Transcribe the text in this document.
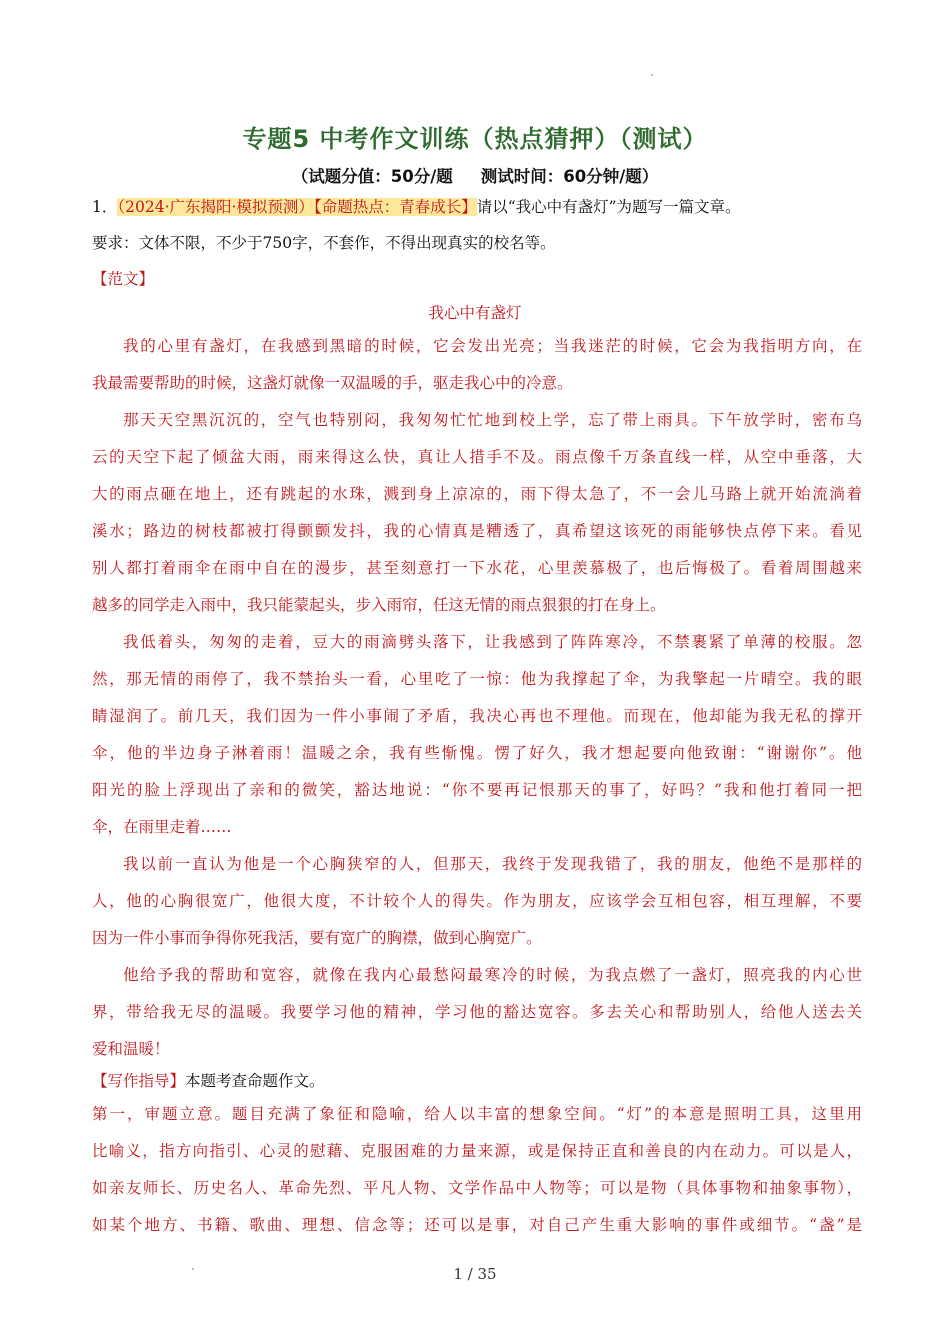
专题5 中考作文训练（热点猜押）（测试）
（试题分值：50分/题 测试时间：60分钟/题）
1．（2024·广东揭阳·模拟预测）【命题热点：青春成长】请以“我心中有盏灯”为题写一篇文章。
要求：文体不限，不少于750字，不套作，不得出现真实的校名等。
【范文】
我心中有盏灯
我的心里有盏灯，在我感到黑暗的时候，它会发出光亮；当我迷茫的时候，它会为我指明方向，在
我最需要帮助的时候，这盏灯就像一双温暖的手，驱走我心中的冷意。
那天天空黑沉沉的，空气也特别闷，我匆匆忙忙地到校上学，忘了带上雨具。下午放学时，密布乌
云的天空下起了倾盆大雨，雨来得这么快，真让人措手不及。雨点像千万条直线一样，从空中垂落，大
大的雨点砸在地上，还有跳起的水珠，溅到身上凉凉的，雨下得太急了，不一会儿马路上就开始流淌着
溪水；路边的树枝都被打得颤颤发抖，我的心情真是糟透了，真希望这该死的雨能够快点停下来。看见
别人都打着雨伞在雨中自在的漫步，甚至刻意打一下水花，心里羡慕极了，也后悔极了。看着周围越来
越多的同学走入雨中，我只能蒙起头，步入雨帘，任这无情的雨点狠狠的打在身上。
我低着头，匆匆的走着，豆大的雨滴劈头落下，让我感到了阵阵寒冷，不禁裹紧了单薄的校服。忽
然，那无情的雨停了，我不禁抬头一看，心里吃了一惊：他为我撑起了伞，为我擎起一片晴空。我的眼
睛湿润了。前几天，我们因为一件小事闹了矛盾，我决心再也不理他。而现在，他却能为我无私的撑开
伞，他的半边身子淋着雨！温暖之余，我有些惭愧。愣了好久，我才想起要向他致谢：“谢谢你”。他
阳光的脸上浮现出了亲和的微笑，豁达地说：“你不要再记恨那天的事了，好吗？”我和他打着同一把
伞，在雨里走着……
我以前一直认为他是一个心胸狭窄的人，但那天，我终于发现我错了，我的朋友，他绝不是那样的
人，他的心胸很宽广，他很大度，不计较个人的得失。作为朋友，应该学会互相包容，相互理解，不要
因为一件小事而争得你死我活，要有宽广的胸襟，做到心胸宽广。
他给予我的帮助和宽容，就像在我内心最愁闷最寒冷的时候，为我点燃了一盏灯，照亮我的内心世
界，带给我无尽的温暖。我要学习他的精神，学习他的豁达宽容。多去关心和帮助别人，给他人送去关
爱和温暖！
【写作指导】本题考查命题作文。
第一，审题立意。题目充满了象征和隐喻，给人以丰富的想象空间。“灯”的本意是照明工具，这里用
比喻义，指方向指引、心灵的慰藉、克服困难的力量来源，或是保持正直和善良的内在动力。可以是人，
如亲友师长、历史名人、革命先烈、平凡人物、文学作品中人物等；可以是物（具体事物和抽象事物），
如某个地方、书籍、歌曲、理想、信念等；还可以是事，对自己产生重大影响的事件或细节。“盏”是
1 / 35
